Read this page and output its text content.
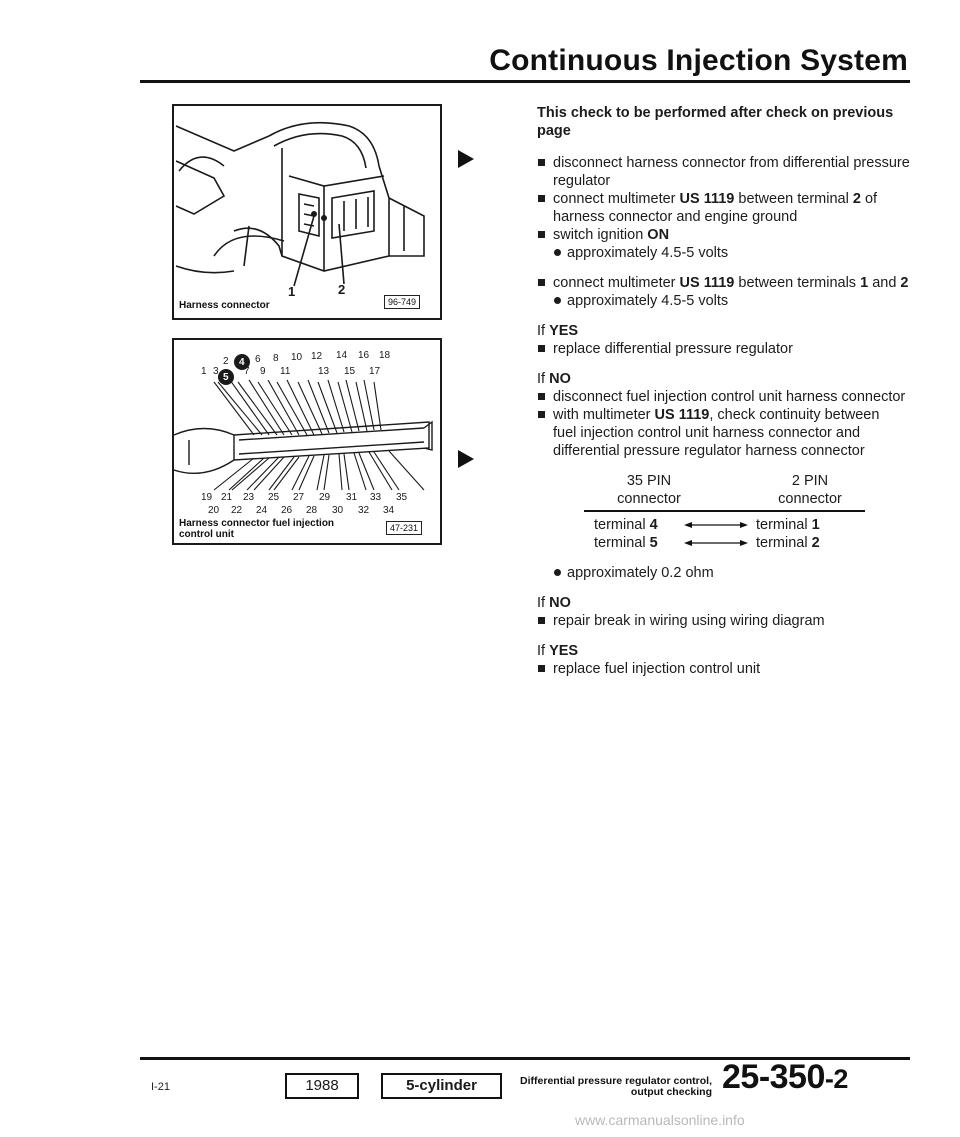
Continuous Injection System
1	2
Harness connector	96-749
4
5
2	6 8 10 12 14 16 18
1 3	7 9 11	13 15 17
19 21 23 25 27 29 31 33 35
20 22 24 26 28 30 32 34
Harness connector fuel injection
control unit
47-231
This check to be performed after check on previous page

disconnect harness connector from differential pressure regulator

connect multimeter US 1119 between terminal 2 of harness connector and engine ground

switch ignition ON

approximately 4.5-5 volts

connect multimeter US 1119 between terminals 1 and 2

approximately 4.5-5 volts

If YES

replace differential pressure regulator

If NO

disconnect fuel injection control unit harness connector

with multimeter US 1119, check continuity between fuel injection control unit harness connector and differential pressure regulator harness connector

35 PIN
connector
2 PIN
connector
terminal 4	terminal 1
terminal 5	terminal 2

approximately 0.2 ohm

If NO

repair break in wiring using wiring diagram

If YES

replace fuel injection control unit

I-21	1988	5-cylinder	Differential pressure regulator control,
output checking 25-350-2
www.carmanualsonline.info
